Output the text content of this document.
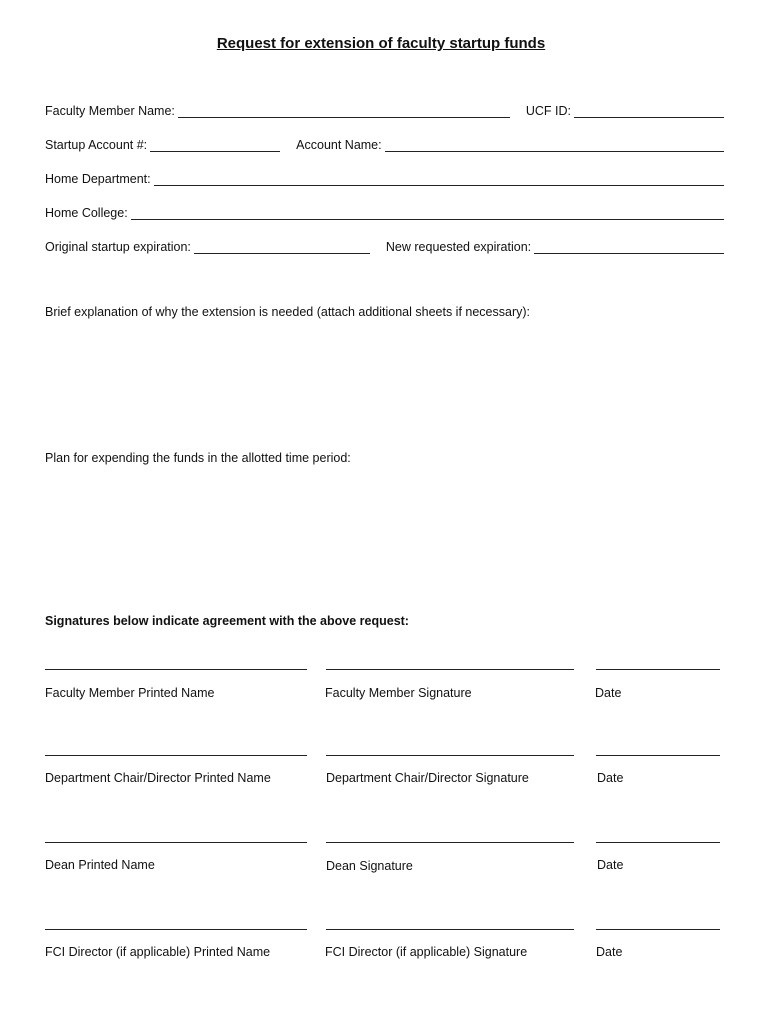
Request for extension of faculty startup funds
Faculty Member Name:	UCF ID:
Startup Account #:	Account Name:
Home Department:
Home College:
Original startup expiration:	New requested expiration:
Brief explanation of why the extension is needed (attach additional sheets if necessary):
Plan for expending the funds in the allotted time period:
Signatures below indicate agreement with the above request:
Faculty Member Printed Name	Faculty Member Signature	Date
Department Chair/Director Printed Name	Department Chair/Director Signature	Date
Dean Printed Name	Dean Signature	Date
FCI Director (if applicable) Printed Name	FCI Director (if applicable) Signature	Date
